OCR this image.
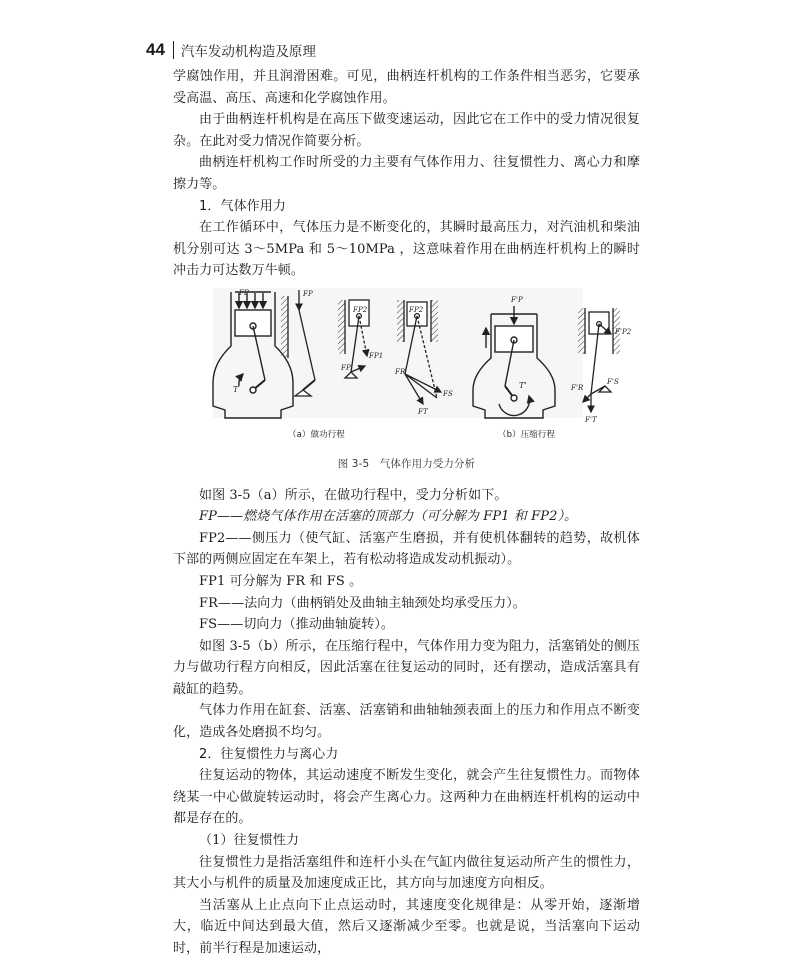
44 汽车发动机构造及原理

学腐蚀作用，并且润滑困难。可见，曲柄连杆机构的工作条件相当恶劣，它要承受高温、高压、高速和化学腐蚀作用。

由于曲柄连杆机构是在高压下做变速运动，因此它在工作中的受力情况很复杂。在此对受力情况作简要分析。

曲柄连杆机构工作时所受的力主要有气体作用力、往复惯性力、离心力和摩擦力等。

1．气体作用力

在工作循环中，气体压力是不断变化的，其瞬时最高压力，对汽油机和柴油机分别可达 3～5MPa 和 5～10MPa ，这意味着作用在曲柄连杆机构上的瞬时冲击力可达数万牛顿。

FP
T
FP
FP2
FP1
FP
FP2
FR
FS
FT
F'P
T'
F'P2
F'R
F'S
F'T
（a）做功行程	（b）压缩行程
图 3-5　气体作用力受力分析

如图 3-5（a）所示，在做功行程中，受力分析如下。

FP——燃烧气体作用在活塞的顶部力（可分解为 FP1 和 FP2）。

FP2——侧压力（使气缸、活塞产生磨损，并有使机体翻转的趋势，故机体下部的两侧应固定在车架上，若有松动将造成发动机振动）。

FP1 可分解为 FR 和 FS 。

FR——法向力（曲柄销处及曲轴主轴颈处均承受压力）。

FS——切向力（推动曲轴旋转）。

如图 3-5（b）所示，在压缩行程中，气体作用力变为阻力，活塞销处的侧压力与做功行程方向相反，因此活塞在往复运动的同时，还有摆动，造成活塞具有敲缸的趋势。

气体力作用在缸套、活塞、活塞销和曲轴轴颈表面上的压力和作用点不断变化，造成各处磨损不均匀。

2．往复惯性力与离心力

往复运动的物体，其运动速度不断发生变化，就会产生往复惯性力。而物体绕某一中心做旋转运动时，将会产生离心力。这两种力在曲柄连杆机构的运动中都是存在的。

（1）往复惯性力

往复惯性力是指活塞组件和连杆小头在气缸内做往复运动所产生的惯性力，其大小与机件的质量及加速度成正比，其方向与加速度方向相反。

当活塞从上止点向下止点运动时，其速度变化规律是：从零开始，逐渐增大，临近中间达到最大值，然后又逐渐减少至零。也就是说，当活塞向下运动时，前半行程是加速运动，
